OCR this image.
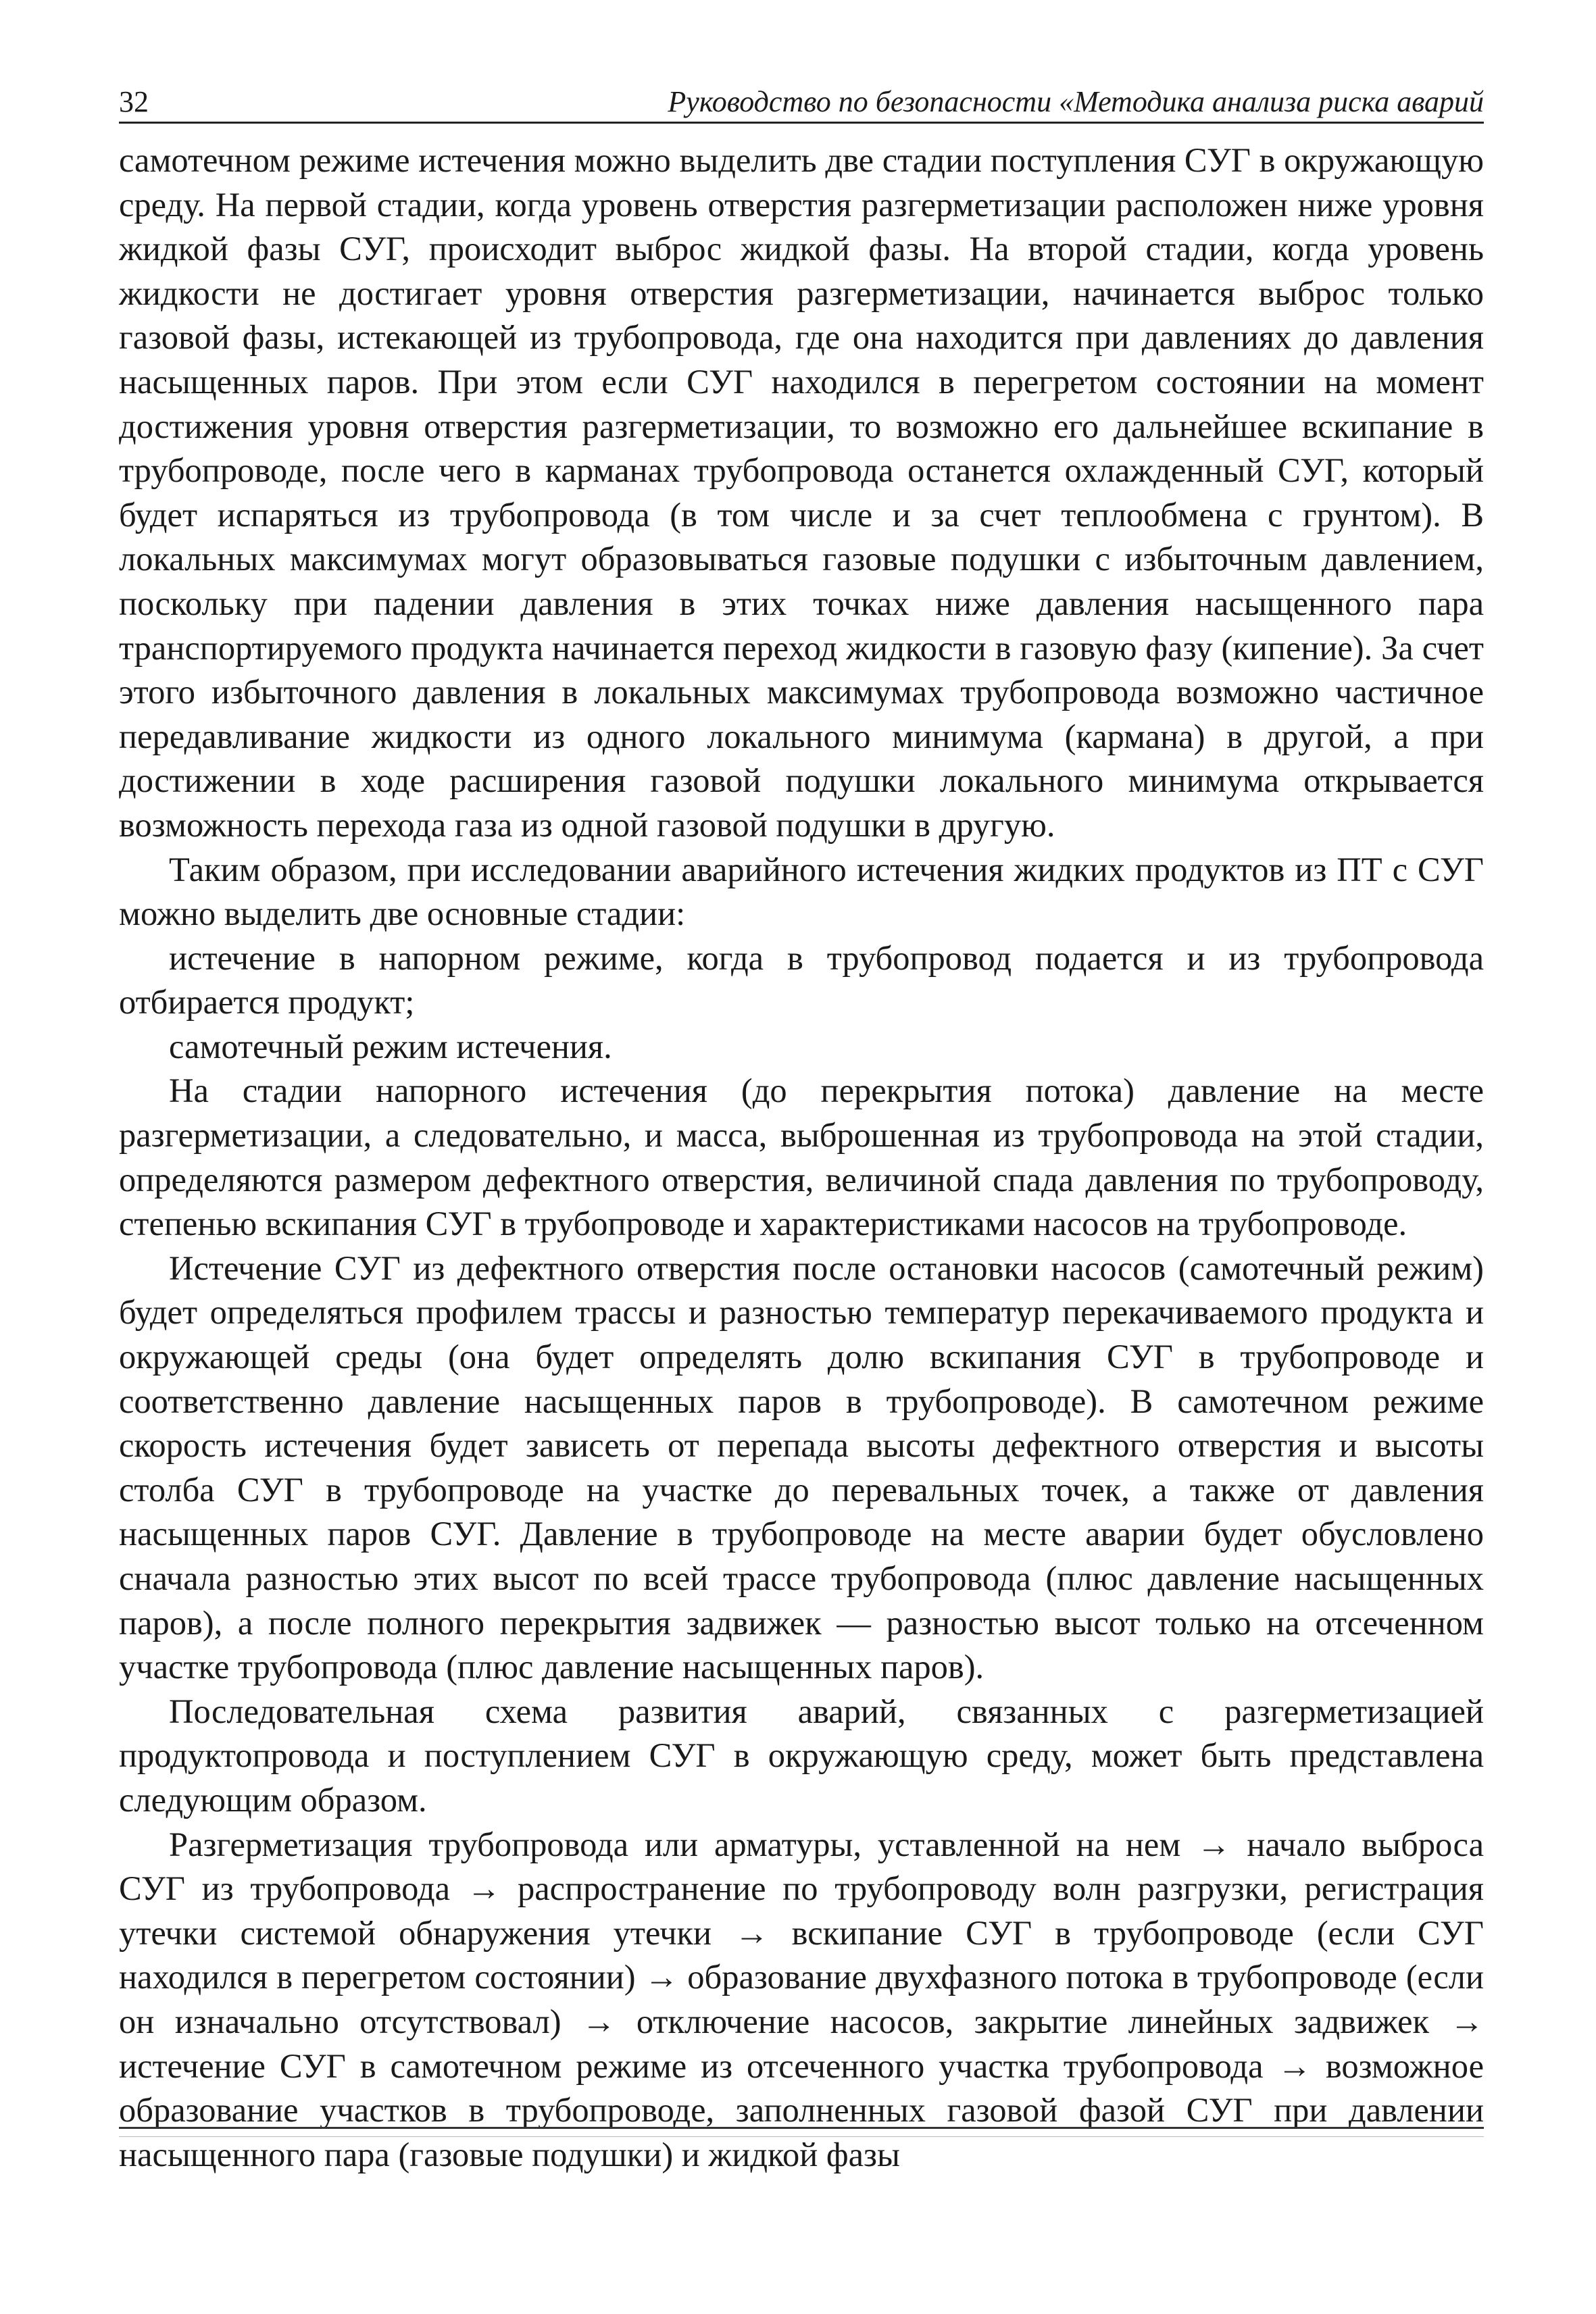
32	Руководство по безопасности «Методика анализа риска аварий

самотечном режиме истечения можно выделить две стадии поступления СУГ в окружающую среду. На первой стадии, когда уровень отверстия разгерметизации расположен ниже уровня жидкой фазы СУГ, происходит выброс жидкой фазы. На второй стадии, когда уровень жидкости не достигает уровня отверстия разгерметизации, начинается выброс только газовой фазы, истекающей из трубопровода, где она находится при давлениях до давления насыщенных паров. При этом если СУГ находился в перегретом состоянии на момент достижения уровня отверстия разгерметизации, то возможно его дальнейшее вскипание в трубопроводе, после чего в карманах трубопровода останется охлажденный СУГ, который будет испаряться из трубопровода (в том числе и за счет теплообмена с грунтом). В локальных максимумах могут образовываться газовые подушки с избыточным давлением, поскольку при падении давления в этих точках ниже давления насыщенного пара транспортируемого продукта начинается переход жидкости в газовую фазу (кипение). За счет этого избыточного давления в локальных максимумах трубопровода возможно частичное передавливание жидкости из одного локального минимума (кармана) в другой, а при достижении в ходе расширения газовой подушки локального минимума открывается возможность перехода газа из одной газовой подушки в другую.

Таким образом, при исследовании аварийного истечения жидких продуктов из ПТ с СУГ можно выделить две основные стадии:

истечение в напорном режиме, когда в трубопровод подается и из трубопровода отбирается продукт;

самотечный режим истечения.

На стадии напорного истечения (до перекрытия потока) давление на месте разгерметизации, а следовательно, и масса, выброшенная из трубопровода на этой стадии, определяются размером дефектного отверстия, величиной спада давления по трубопроводу, степенью вскипания СУГ в трубопроводе и характеристиками насосов на трубопроводе.

Истечение СУГ из дефектного отверстия после остановки насосов (самотечный режим) будет определяться профилем трассы и разностью температур перекачиваемого продукта и окружающей среды (она будет определять долю вскипания СУГ в трубопроводе и соответственно давление насыщенных паров в трубопроводе). В самотечном режиме скорость истечения будет зависеть от перепада высоты дефектного отверстия и высоты столба СУГ в трубопроводе на участке до перевальных точек, а также от давления насыщенных паров СУГ. Давление в трубопроводе на месте аварии будет обусловлено сначала разностью этих высот по всей трассе трубопровода (плюс давление насыщенных паров), а после полного перекрытия задвижек — разностью высот только на отсеченном участке трубопровода (плюс давление насыщенных паров).

Последовательная схема развития аварий, связанных с разгерметизацией продуктопровода и поступлением СУГ в окружающую среду, может быть представлена следующим образом.

Разгерметизация трубопровода или арматуры, уставленной на нем → начало выброса СУГ из трубопровода → распространение по трубопроводу волн разгрузки, регистрация утечки системой обнаружения утечки → вскипание СУГ в трубопроводе (если СУГ находился в перегретом состоянии) → образование двухфазного потока в трубопроводе (если он изначально отсутствовал) → отключение насосов, закрытие линейных задвижек → истечение СУГ в самотечном режиме из отсеченного участка трубопровода → возможное образование участков в трубопроводе, заполненных газовой фазой СУГ при давлении насыщенного пара (газовые подушки) и жидкой фазы
